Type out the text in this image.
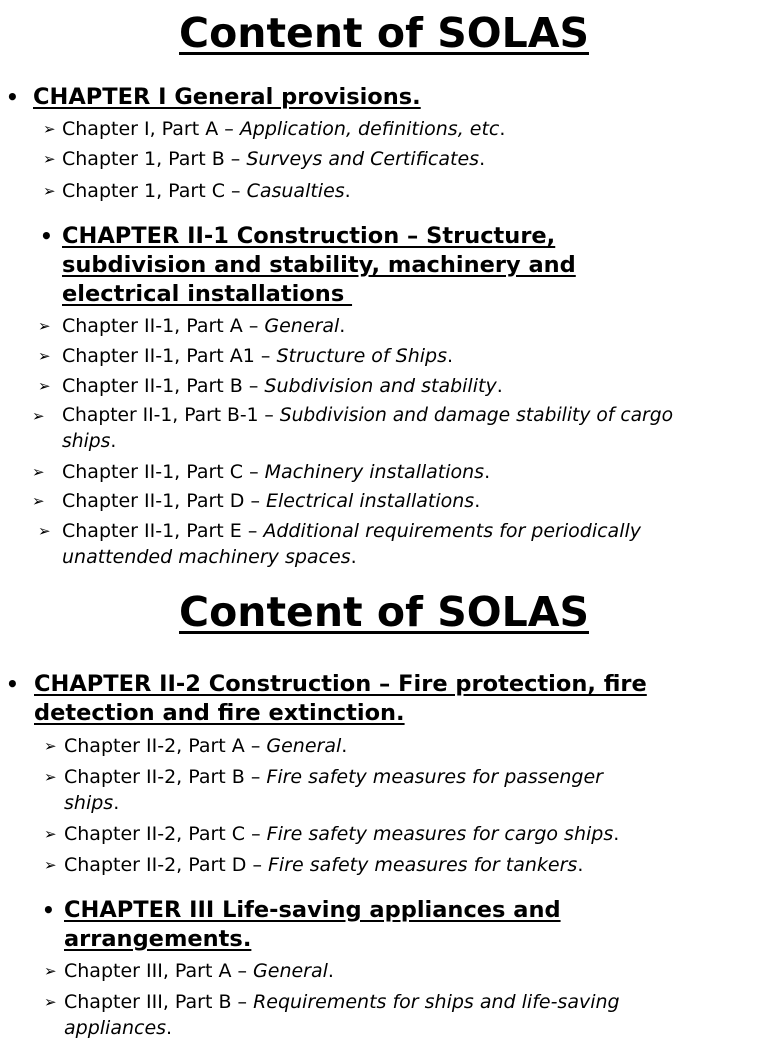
Content of SOLAS
• CHAPTER I General provisions.
➢ Chapter I, Part A – Application, definitions, etc.
➢ Chapter 1, Part B – Surveys and Certificates.
➢ Chapter 1, Part C – Casualties.
• CHAPTER II-1 Construction – Structure,
subdivision and stability, machinery and
electrical installations
➢ Chapter II-1, Part A – General.
➢ Chapter II-1, Part A1 – Structure of Ships.
➢ Chapter II-1, Part B – Subdivision and stability.
➢ Chapter II-1, Part B-1 – Subdivision and damage stability of cargo
ships.
➢ Chapter II-1, Part C – Machinery installations.
➢ Chapter II-1, Part D – Electrical installations.
➢ Chapter II-1, Part E – Additional requirements for periodically
unattended machinery spaces.
Content of SOLAS
• CHAPTER II-2 Construction – Fire protection, fire
detection and fire extinction.
➢ Chapter II-2, Part A – General.
➢ Chapter II-2, Part B – Fire safety measures for passenger
ships.
➢ Chapter II-2, Part C – Fire safety measures for cargo ships.
➢ Chapter II-2, Part D – Fire safety measures for tankers.
• CHAPTER III Life-saving appliances and
arrangements.
➢ Chapter III, Part A – General.
➢ Chapter III, Part B – Requirements for ships and life-saving
appliances.
